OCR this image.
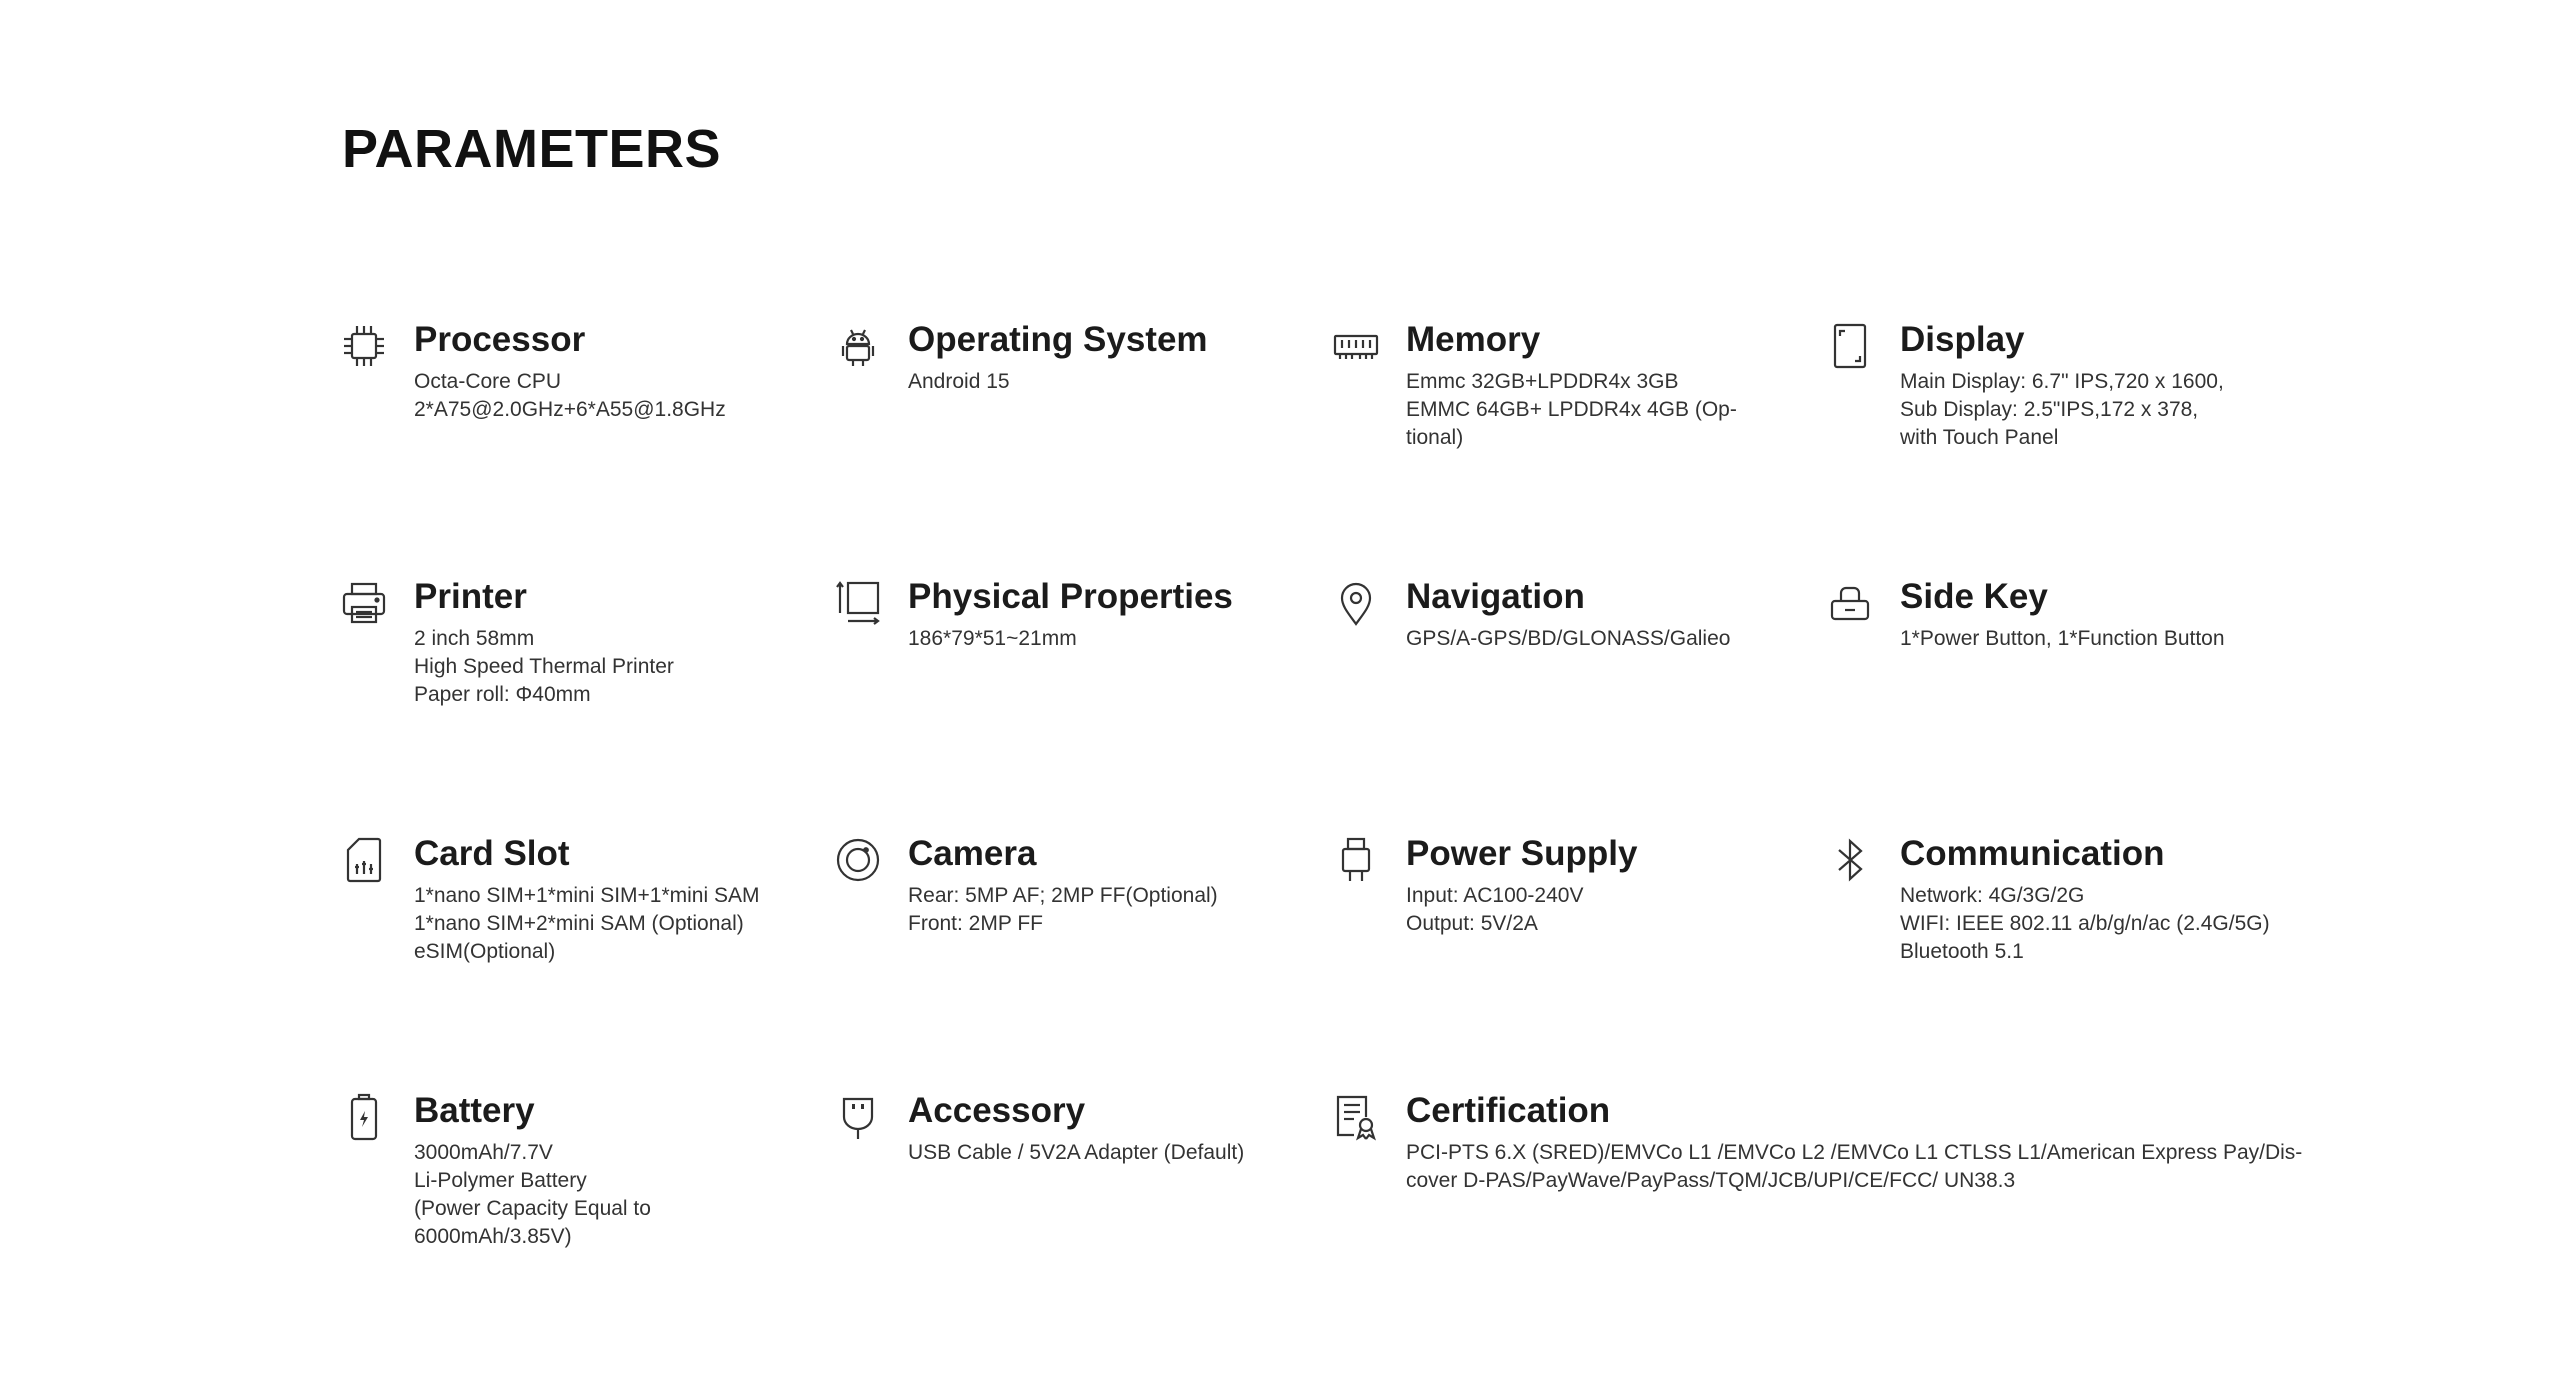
PARAMETERS
Processor
Octa-Core CPU
2*A75@2.0GHz+6*A55@1.8GHz
Operating System
Android 15
Memory
Emmc 32GB+LPDDR4x 3GB
EMMC 64GB+ LPDDR4x 4GB (Op-
tional)
Display
Main Display: 6.7" IPS,720 x 1600,
Sub Display: 2.5"IPS,172 x 378,
with Touch Panel
Printer
2 inch 58mm
High Speed Thermal Printer
Paper roll: Φ40mm
Physical Properties
186*79*51~21mm
Navigation
GPS/A-GPS/BD/GLONASS/Galieo
Side Key
1*Power Button, 1*Function Button
Card Slot
1*nano SIM+1*mini SIM+1*mini SAM
1*nano SIM+2*mini SAM (Optional)
eSIM(Optional)
Camera
Rear: 5MP AF; 2MP FF(Optional)
Front: 2MP FF
Power Supply
Input: AC100-240V
Output: 5V/2A
Communication
Network: 4G/3G/2G
WIFI: IEEE 802.11 a/b/g/n/ac (2.4G/5G)
Bluetooth 5.1
Battery
3000mAh/7.7V
Li-Polymer Battery
(Power Capacity Equal to
6000mAh/3.85V)
Accessory
USB Cable / 5V2A Adapter (Default)
Certification
PCI-PTS 6.X (SRED)/EMVCo L1 /EMVCo L2 /EMVCo L1 CTLSS L1/American Express Pay/Dis-
cover D-PAS/PayWave/PayPass/TQM/JCB/UPI/CE/FCC/ UN38.3
